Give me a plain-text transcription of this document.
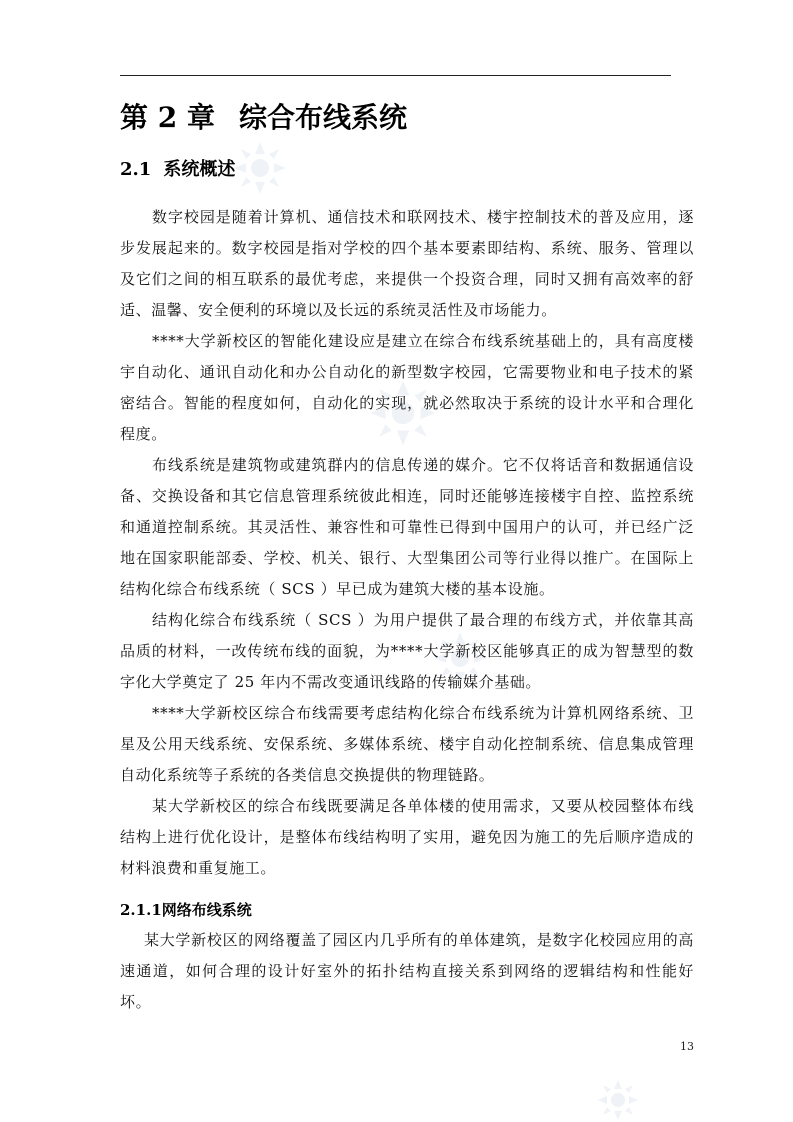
第 2 章 综合布线系统
2.1 系统概述

数字校园是随着计算机、通信技术和联网技术、楼宇控制技术的普及应用，逐步发展起来的。数字校园是指对学校的四个基本要素即结构、系统、服务、管理以及它们之间的相互联系的最优考虑，来提供一个投资合理，同时又拥有高效率的舒适、温馨、安全便利的环境以及长远的系统灵活性及市场能力。

****大学新校区的智能化建设应是建立在综合布线系统基础上的，具有高度楼宇自动化、通讯自动化和办公自动化的新型数字校园，它需要物业和电子技术的紧密结合。智能的程度如何，自动化的实现，就必然取决于系统的设计水平和合理化程度。

布线系统是建筑物或建筑群内的信息传递的媒介。它不仅将话音和数据通信设备、交换设备和其它信息管理系统彼此相连，同时还能够连接楼宇自控、监控系统和通道控制系统。其灵活性、兼容性和可靠性已得到中国用户的认可，并已经广泛地在国家职能部委、学校、机关、银行、大型集团公司等行业得以推广。在国际上结构化综合布线系统（ SCS ）早已成为建筑大楼的基本设施。

结构化综合布线系统（ SCS ）为用户提供了最合理的布线方式，并依靠其高品质的材料，一改传统布线的面貌，为****大学新校区能够真正的成为智慧型的数字化大学奠定了 25 年内不需改变通讯线路的传输媒介基础。

****大学新校区综合布线需要考虑结构化综合布线系统为计算机网络系统、卫星及公用天线系统、安保系统、多媒体系统、楼宇自动化控制系统、信息集成管理自动化系统等子系统的各类信息交换提供的物理链路。

某大学新校区的综合布线既要满足各单体楼的使用需求，又要从校园整体布线结构上进行优化设计，是整体布线结构明了实用，避免因为施工的先后顺序造成的材料浪费和重复施工。

2.1.1网络布线系统

某大学新校区的网络覆盖了园区内几乎所有的单体建筑，是数字化校园应用的高速通道，如何合理的设计好室外的拓扑结构直接关系到网络的逻辑结构和性能好坏。

13
